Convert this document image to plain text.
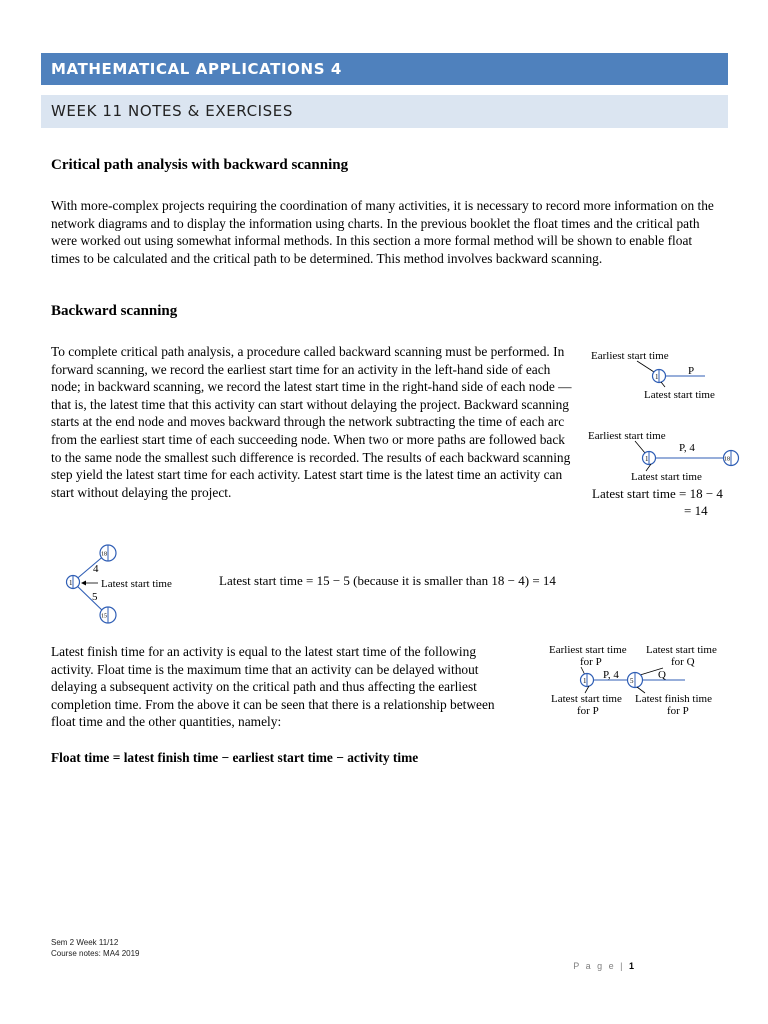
MATHEMATICAL APPLICATIONS 4
WEEK 11 NOTES & EXERCISES
Critical path analysis with backward scanning

With more-complex projects requiring the coordination of many activities, it is necessary to record more information on the network diagrams and to display the information using charts. In the previous booklet the float times and the critical path were worked out using somewhat informal methods. In this section a more formal method will be shown to enable float times to be calculated and the critical path to be determined. This method involves backward scanning.

Backward scanning

To complete critical path analysis, a procedure called backward scanning must be performed. In forward scanning, we record the earliest start time for an activity in the left-hand side of each node; in backward scanning, we record the latest start time in the right-hand side of each node — that is, the latest time that this activity can start without delaying the project. Backward scanning starts at the end node and moves backward through the network subtracting the time of each arc from the earliest start time of each succeeding node. When two or more paths are followed back to the same node the smallest such difference is recorded. The results of each backward scanning step yield the latest start time for each activity. Latest start time is the latest time an activity can start without delaying the project.

Earliest start time
1	P
Latest start time
Earliest start time
1
P, 4
18
Latest start time
Latest start time = 18 − 4
= 14
1
18
15
4
5
Latest start time	Latest start time = 15 − 5 (because it is smaller than 18 − 4) = 14

Latest finish time for an activity is equal to the latest start time of the following activity. Float time is the maximum time that an activity can be delayed without delaying a subsequent activity on the critical path and thus affecting the earliest completion time. From the above it can be seen that there is a relationship between float time and the other quantities, namely:

Earliest start time
for P
Latest start time
for Q
1 P, 4 5 Q
Latest start time
for P
Latest finish time
for P

Float time = latest finish time − earliest start time − activity time

Sem 2 Week 11/12
Course notes: MA4 2019
P a g e | 1
